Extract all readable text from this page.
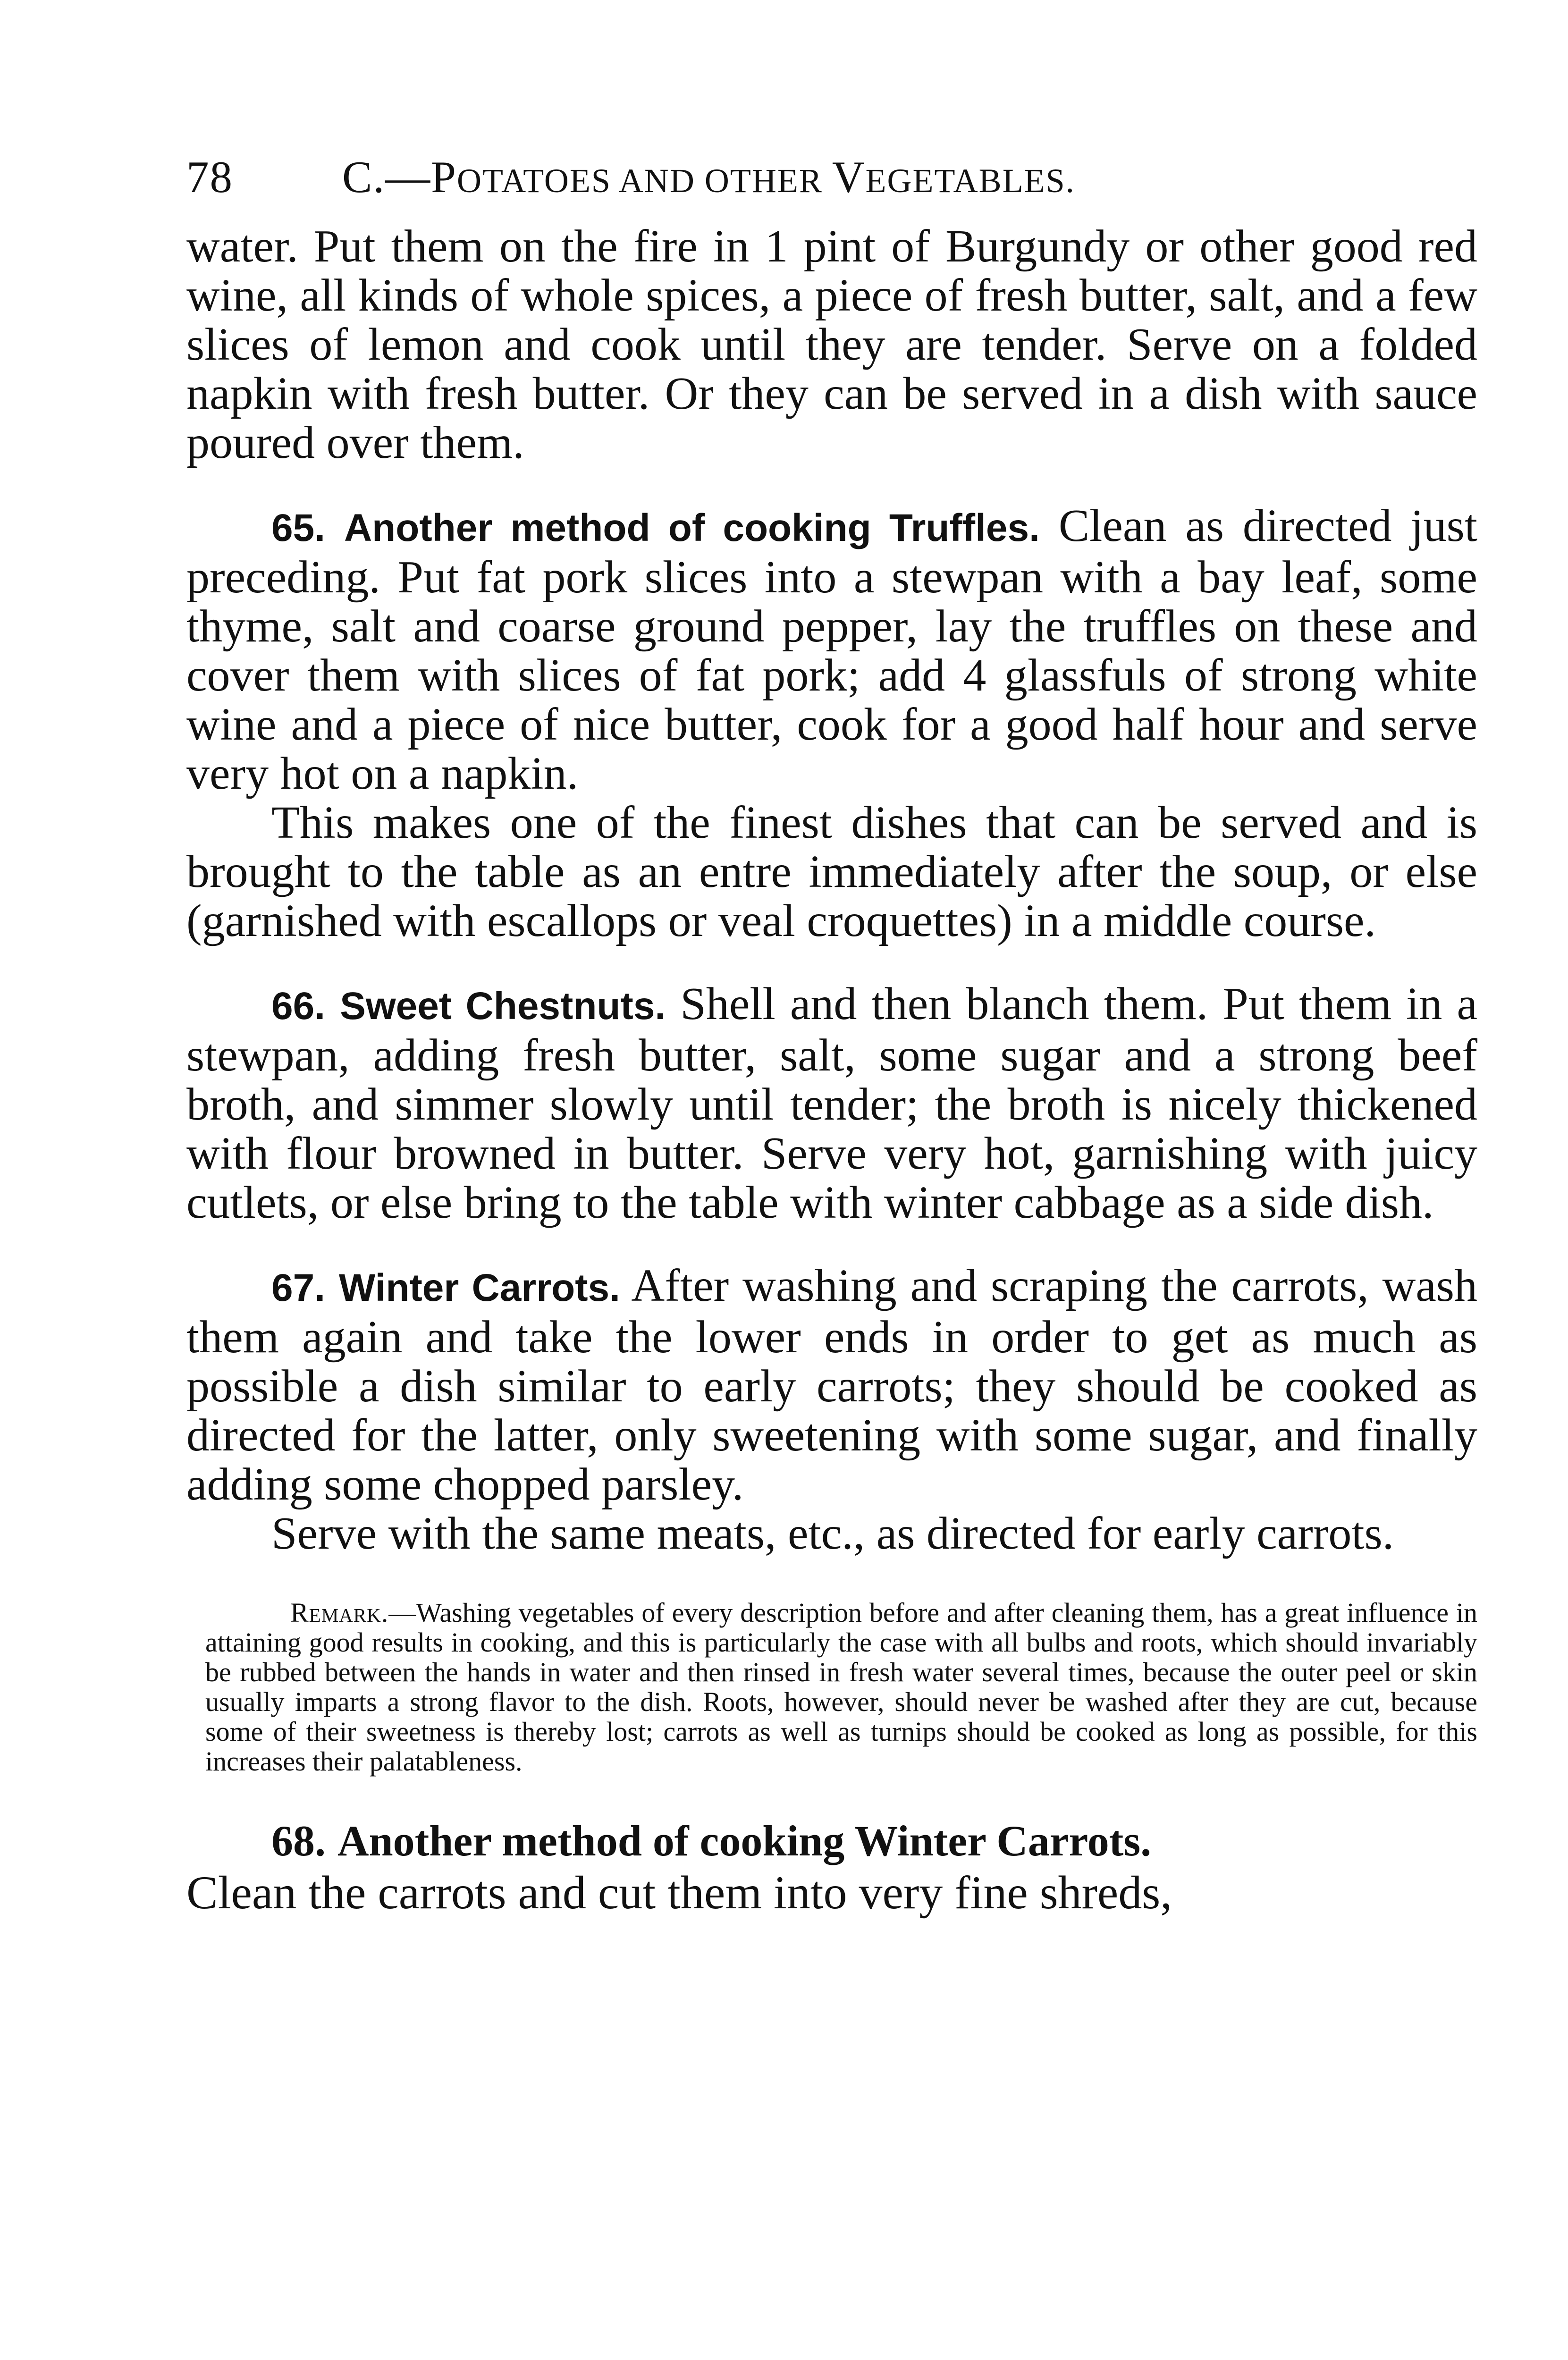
78 C.—POTATOES AND OTHER VEGETABLES.

water. Put them on the fire in 1 pint of Burgundy or other good red wine, all kinds of whole spices, a piece of fresh butter, salt, and a few slices of lemon and cook until they are tender. Serve on a folded napkin with fresh butter. Or they can be served in a dish with sauce poured over them.

65. Another method of cooking Truffles. Clean as directed just preceding. Put fat pork slices into a stewpan with a bay leaf, some thyme, salt and coarse ground pepper, lay the truffles on these and cover them with slices of fat pork; add 4 glassfuls of strong white wine and a piece of nice butter, cook for a good half hour and serve very hot on a napkin.

This makes one of the finest dishes that can be served and is brought to the table as an entre immediately after the soup, or else (garnished with escallops or veal croquettes) in a middle course.

66. Sweet Chestnuts. Shell and then blanch them. Put them in a stewpan, adding fresh butter, salt, some sugar and a strong beef broth, and simmer slowly until tender; the broth is nicely thickened with flour browned in butter. Serve very hot, garnishing with juicy cutlets, or else bring to the table with winter cabbage as a side dish.

67. Winter Carrots. After washing and scraping the carrots, wash them again and take the lower ends in order to get as much as possible a dish similar to early carrots; they should be cooked as directed for the latter, only sweetening with some sugar, and finally adding some chopped parsley.

Serve with the same meats, etc., as directed for early carrots.

Remark.—Washing vegetables of every description before and after cleaning them, has a great influence in attaining good results in cooking, and this is particularly the case with all bulbs and roots, which should invariably be rubbed between the hands in water and then rinsed in fresh water several times, because the outer peel or skin usually imparts a strong flavor to the dish. Roots, however, should never be washed after they are cut, because some of their sweetness is thereby lost; carrots as well as turnips should be cooked as long as possible, for this increases their palatableness.

68. Another method of cooking Winter Carrots.

Clean the carrots and cut them into very fine shreds,
